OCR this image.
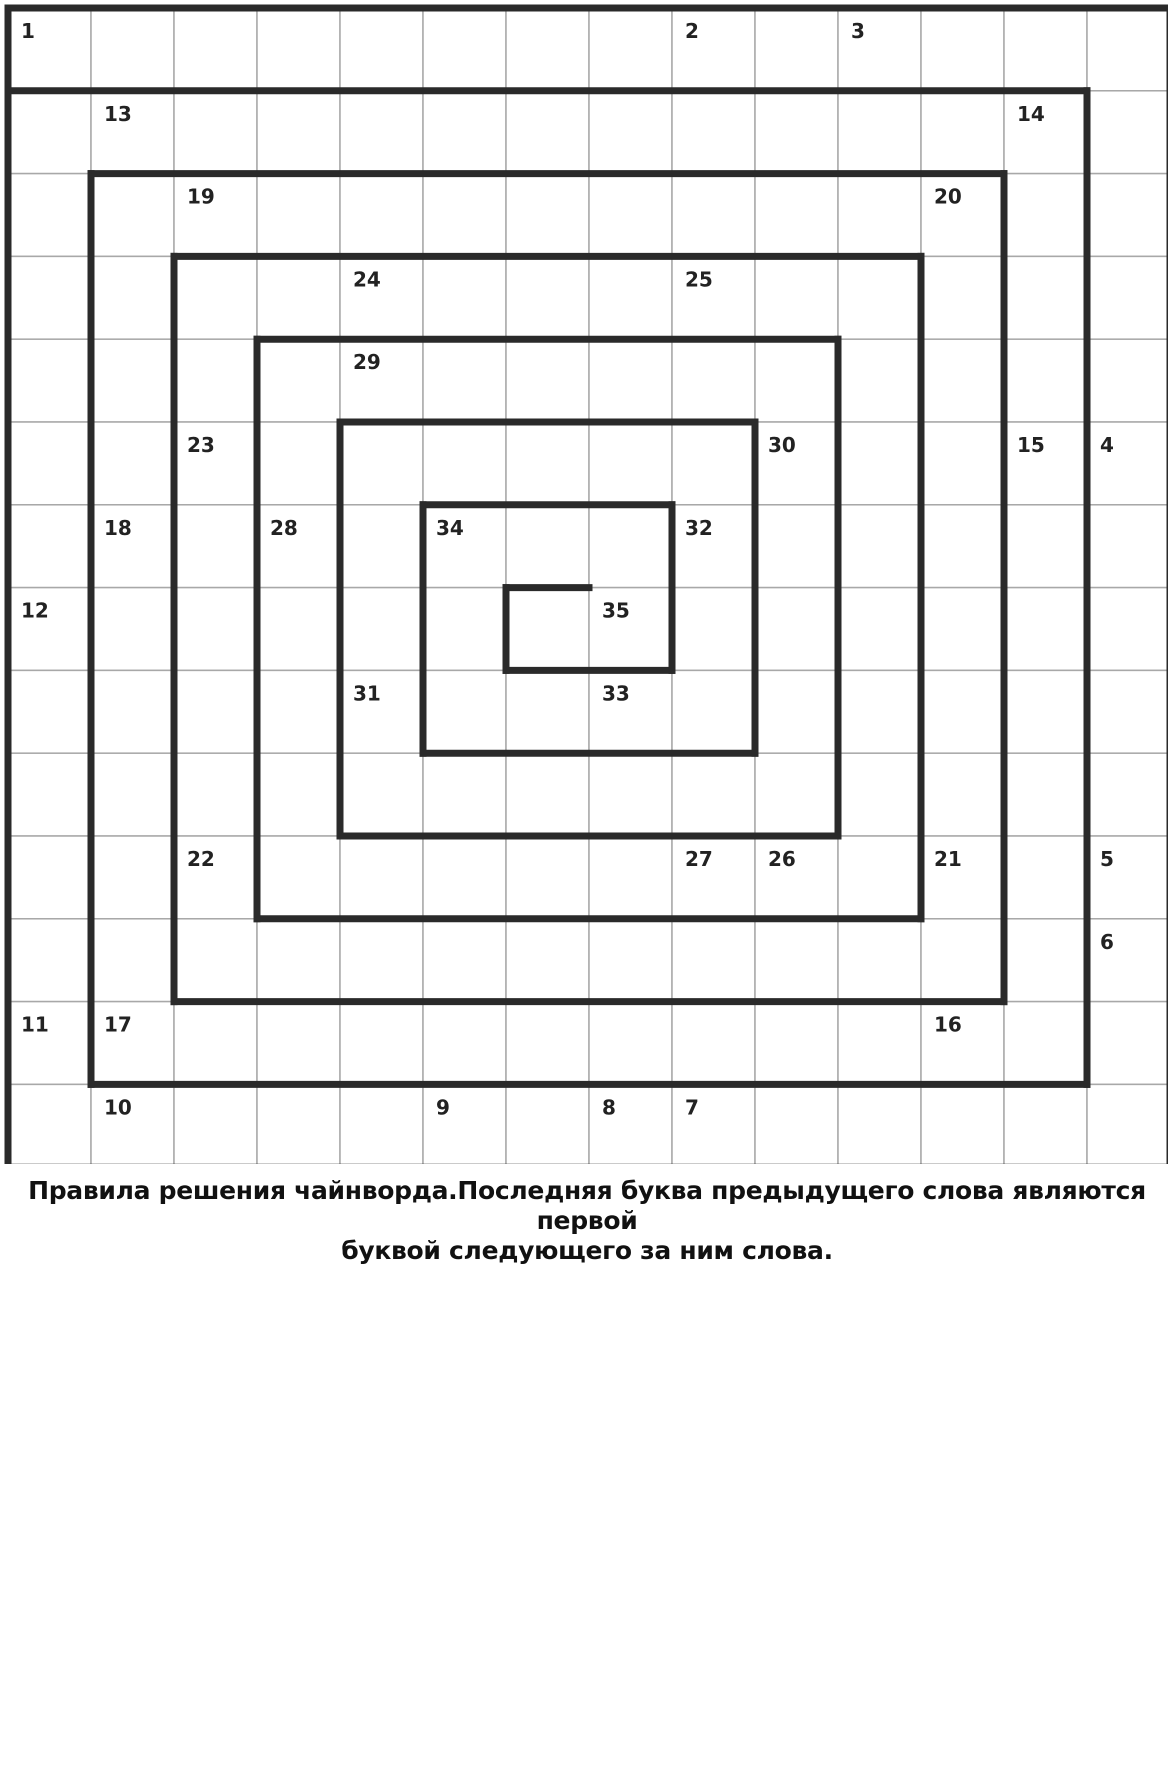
1	2	3
13	14
19	20
24	25
29
23	30	15	4
18	28	34	32
12	35
31	33
22	27	26	21	5
6
11	17	16
10	9	8	7
Правила решения чайнворда.Последняя буква предыдущего слова являются первой
буквой следующего за ним слова.
